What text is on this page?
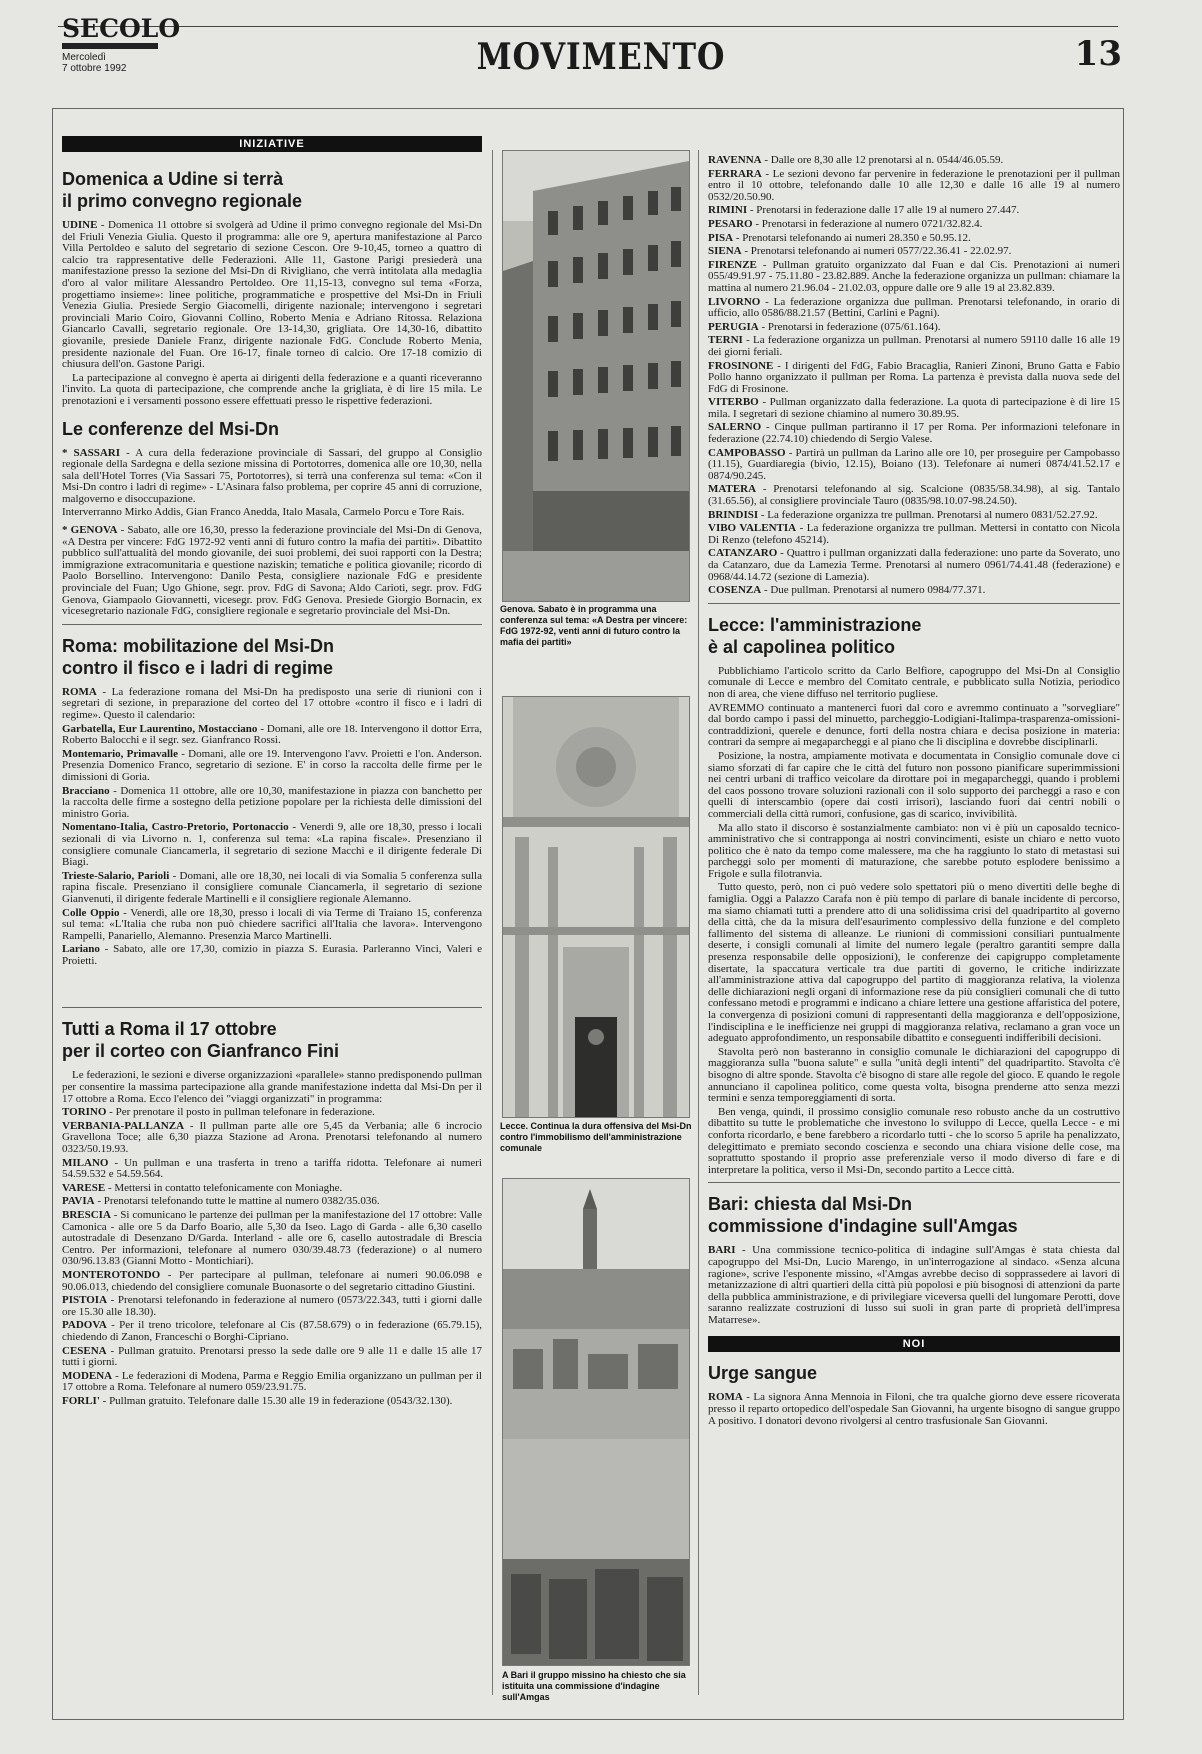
SECOLO
Mercoledì
7 ottobre 1992	MOVIMENTO	13
INIZIATIVE
Domenica a Udine si terrà
il primo convegno regionale

UDINE - Domenica 11 ottobre si svolgerà ad Udine il primo convegno regionale del Msi-Dn del Friuli Venezia Giulia. Questo il programma: alle ore 9, apertura manifestazione al Parco Villa Pertoldeo e saluto del segretario di sezione Cescon. Ore 9-10,45, torneo a quattro di calcio tra rappresentative delle Federazioni. Alle 11, Gastone Parigi presiederà una manifestazione presso la sezione del Msi-Dn di Rivigliano, che verrà intitolata alla medaglia d'oro al valor militare Alessandro Pertoldeo. Ore 11,15-13, convegno sul tema «Forza, progettiamo insieme»: linee politiche, programmatiche e prospettive del Msi-Dn in Friuli Venezia Giulia. Presiede Sergio Giacomelli, dirigente nazionale; intervengono i segretari provinciali Mario Coiro, Giovanni Collino, Roberto Menia e Adriano Ritossa. Relaziona Giancarlo Cavalli, segretario regionale. Ore 13-14,30, grigliata. Ore 14,30-16, dibattito giovanile, presiede Daniele Franz, dirigente nazionale FdG. Conclude Roberto Menia, presidente nazionale del Fuan. Ore 16-17, finale torneo di calcio. Ore 17-18 comizio di chiusura dell'on. Gastone Parigi.

La partecipazione al convegno è aperta ai dirigenti della federazione e a quanti riceveranno l'invito. La quota di partecipazione, che comprende anche la grigliata, è di lire 15 mila. Le prenotazioni e i versamenti possono essere effettuati presso le rispettive federazioni.

Le conferenze del Msi-Dn

* SASSARI - A cura della federazione provinciale di Sassari, del gruppo al Consiglio regionale della Sardegna e della sezione missina di Portotorres, domenica alle ore 10,30, nella sala dell'Hotel Torres (Via Sassari 75, Portotorres), si terrà una conferenza sul tema: «Con il Msi-Dn contro i ladri di regime» - L'Asinara falso problema, per coprire 45 anni di corruzione, malgoverno e disoccupazione.

Interverranno Mirko Addis, Gian Franco Anedda, Italo Masala, Carmelo Porcu e Tore Rais.

* GENOVA - Sabato, alle ore 16,30, presso la federazione provinciale del Msi-Dn di Genova, «A Destra per vincere: FdG 1972-92 venti anni di futuro contro la mafia dei partiti». Dibattito pubblico sull'attualità del mondo giovanile, dei suoi problemi, dei suoi rapporti con la Destra; immigrazione extracomunitaria e questione naziskin; tematiche e politica giovanile; ricordo di Paolo Borsellino. Intervengono: Danilo Pesta, consigliere nazionale FdG e presidente provinciale del Fuan; Ugo Ghione, segr. prov. FdG di Savona; Aldo Carioti, segr. prov. FdG Genova, Giampaolo Giovannetti, vicesegr. prov. FdG Genova. Presiede Giorgio Bornacin, ex vicesegretario nazionale FdG, consigliere regionale e segretario provinciale del Msi-Dn.

Roma: mobilitazione del Msi-Dn
contro il fisco e i ladri di regime

ROMA - La federazione romana del Msi-Dn ha predisposto una serie di riunioni con i segretari di sezione, in preparazione del corteo del 17 ottobre «contro il fisco e i ladri di regime». Questo il calendario:

Garbatella, Eur Laurentino, Mostacciano - Domani, alle ore 18. Intervengono il dottor Erra, Roberto Balocchi e il segr. sez. Gianfranco Rossi.

Montemario, Primavalle - Domani, alle ore 19. Intervengono l'avv. Proietti e l'on. Anderson. Presenzia Domenico Franco, segretario di sezione. E' in corso la raccolta delle firme per le dimissioni di Goria.

Bracciano - Domenica 11 ottobre, alle ore 10,30, manifestazione in piazza con banchetto per la raccolta delle firme a sostegno della petizione popolare per la richiesta delle dimissioni del ministro Goria.

Nomentano-Italia, Castro-Pretorio, Portonaccio - Venerdì 9, alle ore 18,30, presso i locali sezionali di via Livorno n. 1, conferenza sul tema: «La rapina fiscale». Presenziano il consigliere comunale Ciancamerla, il segretario di sezione Macchi e il dirigente federale Di Biagi.

Trieste-Salario, Parioli - Domani, alle ore 18,30, nei locali di via Somalia 5 conferenza sulla rapina fiscale. Presenziano il consigliere comunale Ciancamerla, il segretario di sezione Gianvenuti, il dirigente federale Martinelli e il consigliere regionale Alemanno.

Colle Oppio - Venerdì, alle ore 18,30, presso i locali di via Terme di Traiano 15, conferenza sul tema: «L'Italia che ruba non può chiedere sacrifici all'Italia che lavora». Intervengono Rampelli, Panariello, Alemanno. Presenzia Marco Martinelli.

Lariano - Sabato, alle ore 17,30, comizio in piazza S. Eurasia. Parleranno Vinci, Valeri e Proietti.

Tutti a Roma il 17 ottobre
per il corteo con Gianfranco Fini

Le federazioni, le sezioni e diverse organizzazioni «parallele» stanno predisponendo pullman per consentire la massima partecipazione alla grande manifestazione indetta dal Msi-Dn per il 17 ottobre a Roma. Ecco l'elenco dei "viaggi organizzati" in programma:

TORINO - Per prenotare il posto in pullman telefonare in federazione.

VERBANIA-PALLANZA - Il pullman parte alle ore 5,45 da Verbania; alle 6 incrocio Gravellona Toce; alle 6,30 piazza Stazione ad Arona. Prenotarsi telefonando al numero 0323/50.19.93.

MILANO - Un pullman e una trasferta in treno a tariffa ridotta. Telefonare ai numeri 54.59.532 e 54.59.564.

VARESE - Mettersi in contatto telefonicamente con Moniaghe.

PAVIA - Prenotarsi telefonando tutte le mattine al numero 0382/35.036.

BRESCIA - Si comunicano le partenze dei pullman per la manifestazione del 17 ottobre: Valle Camonica - alle ore 5 da Darfo Boario, alle 5,30 da Iseo. Lago di Garda - alle 6,30 casello autostradale di Desenzano D/Garda. Interland - alle ore 6, casello autostradale di Brescia Centro. Per informazioni, telefonare al numero 030/39.48.73 (federazione) o al numero 030/96.13.83 (Gianni Motto - Montichiari).

MONTEROTONDO - Per partecipare al pullman, telefonare ai numeri 90.06.098 e 90.06.013, chiedendo del consigliere comunale Buonasorte o del segretario cittadino Giustini.

PISTOIA - Prenotarsi telefonando in federazione al numero (0573/22.343, tutti i giorni dalle ore 15.30 alle 18.30).

PADOVA - Per il treno tricolore, telefonare al Cis (87.58.679) o in federazione (65.79.15), chiedendo di Zanon, Franceschi o Borghi-Cipriano.

CESENA - Pullman gratuito. Prenotarsi presso la sede dalle ore 9 alle 11 e dalle 15 alle 17 tutti i giorni.

MODENA - Le federazioni di Modena, Parma e Reggio Emilia organizzano un pullman per il 17 ottobre a Roma. Telefonare al numero 059/23.91.75.

FORLI' - Pullman gratuito. Telefonare dalle 15.30 alle 19 in federazione (0543/32.130).

Genova. Sabato è in programma una conferenza sul tema: «A Destra per vincere: FdG 1972-92, venti anni di futuro contro la mafia dei partiti»
Lecce. Continua la dura offensiva del Msi-Dn contro l'immobilismo dell'amministrazione comunale
A Bari il gruppo missino ha chiesto che sia istituita una commissione d'indagine sull'Amgas

RAVENNA - Dalle ore 8,30 alle 12 prenotarsi al n. 0544/46.05.59.

FERRARA - Le sezioni devono far pervenire in federazione le prenotazioni per il pullman entro il 10 ottobre, telefonando dalle 10 alle 12,30 e dalle 16 alle 19 al numero 0532/20.50.90.

RIMINI - Prenotarsi in federazione dalle 17 alle 19 al numero 27.447.

PESARO - Prenotarsi in federazione al numero 0721/32.82.4.

PISA - Prenotarsi telefonando ai numeri 28.350 e 50.95.12.

SIENA - Prenotarsi telefonando ai numeri 0577/22.36.41 - 22.02.97.

FIRENZE - Pullman gratuito organizzato dal Fuan e dal Cis. Prenotazioni ai numeri 055/49.91.97 - 75.11.80 - 23.82.889. Anche la federazione organizza un pullman: chiamare la mattina al numero 21.96.04 - 21.02.03, oppure dalle ore 9 alle 19 al 23.82.839.

LIVORNO - La federazione organizza due pullman. Prenotarsi telefonando, in orario di ufficio, allo 0586/88.21.57 (Bettini, Carlini e Pagni).

PERUGIA - Prenotarsi in federazione (075/61.164).

TERNI - La federazione organizza un pullman. Prenotarsi al numero 59110 dalle 16 alle 19 dei giorni feriali.

FROSINONE - I dirigenti del FdG, Fabio Bracaglia, Ranieri Zinoni, Bruno Gatta e Fabio Pollo hanno organizzato il pullman per Roma. La partenza è prevista dalla nuova sede del FdG di Frosinone.

VITERBO - Pullman organizzato dalla federazione. La quota di partecipazione è di lire 15 mila. I segretari di sezione chiamino al numero 30.89.95.

SALERNO - Cinque pullman partiranno il 17 per Roma. Per informazioni telefonare in federazione (22.74.10) chiedendo di Sergio Valese.

CAMPOBASSO - Partirà un pullman da Larino alle ore 10, per proseguire per Campobasso (11.15), Guardiaregia (bivio, 12.15), Boiano (13). Telefonare ai numeri 0874/41.52.17 e 0874/90.245.

MATERA - Prenotarsi telefonando al sig. Scalcione (0835/58.34.98), al sig. Tantalo (31.65.56), al consigliere provinciale Tauro (0835/98.10.07-98.24.50).

BRINDISI - La federazione organizza tre pullman. Prenotarsi al numero 0831/52.27.92.

VIBO VALENTIA - La federazione organizza tre pullman. Mettersi in contatto con Nicola Di Renzo (telefono 45214).

CATANZARO - Quattro i pullman organizzati dalla federazione: uno parte da Soverato, uno da Catanzaro, due da Lamezia Terme. Prenotarsi al numero 0961/74.41.48 (federazione) e 0968/44.14.72 (sezione di Lamezia).

COSENZA - Due pullman. Prenotarsi al numero 0984/77.371.

Lecce: l'amministrazione
è al capolinea politico

Pubblichiamo l'articolo scritto da Carlo Belfiore, capogruppo del Msi-Dn al Consiglio comunale di Lecce e membro del Comitato centrale, e pubblicato sulla Notizia, periodico non di area, che viene diffuso nel territorio pugliese.

AVREMMO continuato a mantenerci fuori dal coro e avremmo continuato a "sorvegliare" dal bordo campo i passi del minuetto, parcheggio-Lodigiani-Italimpa-trasparenza-omissioni-contraddizioni, querele e denunce, forti della nostra chiara e decisa posizione in materia: contrari da sempre ai megaparcheggi e al piano che li disciplina e dovrebbe disciplinarli.

Posizione, la nostra, ampiamente motivata e documentata in Consiglio comunale dove ci siamo sforzati di far capire che le città del futuro non possono pianificare superimmissioni nei centri urbani di traffico veicolare da dirottare poi in megaparcheggi, quando i problemi del caos possono trovare soluzioni razionali con il solo supporto dei parcheggi a raso e con quelli di interscambio (opere dai costi irrisori), lasciando fuori dai centri nobili o commerciali della città rumori, confusione, gas di scarico, invivibilità.

Ma allo stato il discorso è sostanzialmente cambiato: non vi è più un caposaldo tecnico-amministrativo che si contrapponga ai nostri convincimenti, esiste un chiaro e netto vuoto politico che è nato da tempo come malessere, ma che ha raggiunto lo stato di metastasi sui parcheggi solo per momenti di maturazione, che sarebbe potuto esplodere benissimo a Frigole e sulla filotranvia.

Tutto questo, però, non ci può vedere solo spettatori più o meno divertiti delle beghe di famiglia. Oggi a Palazzo Carafa non è più tempo di parlare di banale incidente di percorso, ma siamo chiamati tutti a prendere atto di una solidissima crisi del quadripartito al governo della città, che da la misura dell'esaurimento complessivo della funzione e del completo fallimento del sistema di alleanze. Le riunioni di commissioni consiliari puntualmente deserte, i consigli comunali al limite del numero legale (peraltro garantiti sempre dalla presenza responsabile delle opposizioni), le conferenze dei capigruppo completamente disertate, la spaccatura verticale tra due partiti di governo, le critiche indirizzate all'amministrazione attiva dal capogruppo del partito di maggioranza relativa, la violenza delle dichiarazioni negli organi di informazione rese da più consiglieri comunali che di tutto confessano metodi e programmi e indicano a chiare lettere una gestione affaristica del potere, la convergenza di posizioni comuni di rappresentanti della maggioranza e dell'opposizione, l'indisciplina e le inefficienze nei gruppi di maggioranza relativa, reclamano a gran voce un adeguato approfondimento, un responsabile dibattito e conseguenti indifferibili decisioni.

Stavolta però non basteranno in consiglio comunale le dichiarazioni del capogruppo di maggioranza sulla "buona salute" e sulla "unità degli intenti" del quadripartito. Stavolta c'è bisogno di altre sponde. Stavolta c'è bisogno di stare alle regole del gioco. E quando le regole annunciano il capolinea politico, come questa volta, bisogna prenderne atto senza mezzi termini e senza temporeggiamenti di sorta.

Ben venga, quindi, il prossimo consiglio comunale reso robusto anche da un costruttivo dibattito su tutte le problematiche che investono lo sviluppo di Lecce, quella Lecce - e mi conforta ricordarlo, e bene farebbero a ricordarlo tutti - che lo scorso 5 aprile ha penalizzato, delegittimato e premiato secondo coscienza e secondo una chiara visione delle cose, ma soprattutto spostando il proprio asse preferenziale verso il modo diverso di fare e di interpretare la politica, verso il Msi-Dn, secondo partito a Lecce città.

Bari: chiesta dal Msi-Dn
commissione d'indagine sull'Amgas

BARI - Una commissione tecnico-politica di indagine sull'Amgas è stata chiesta dal capogruppo del Msi-Dn, Lucio Marengo, in un'interrogazione al sindaco. «Senza alcuna ragione», scrive l'esponente missino, «l'Amgas avrebbe deciso di sopprassedere ai lavori di metanizzazione di altri quartieri della città più popolosi e più bisognosi di attenzioni da parte della pubblica amministrazione, e di privilegiare viceversa quelli del lungomare Perotti, dove saranno realizzate costruzioni di lusso sui suoli in gran parte di proprietà dell'impresa Matarrese».

NOI
Urge sangue

ROMA - La signora Anna Mennoia in Filoni, che tra qualche giorno deve essere ricoverata presso il reparto ortopedico dell'ospedale San Giovanni, ha urgente bisogno di sangue gruppo A positivo. I donatori devono rivolgersi al centro trasfusionale San Giovanni.
